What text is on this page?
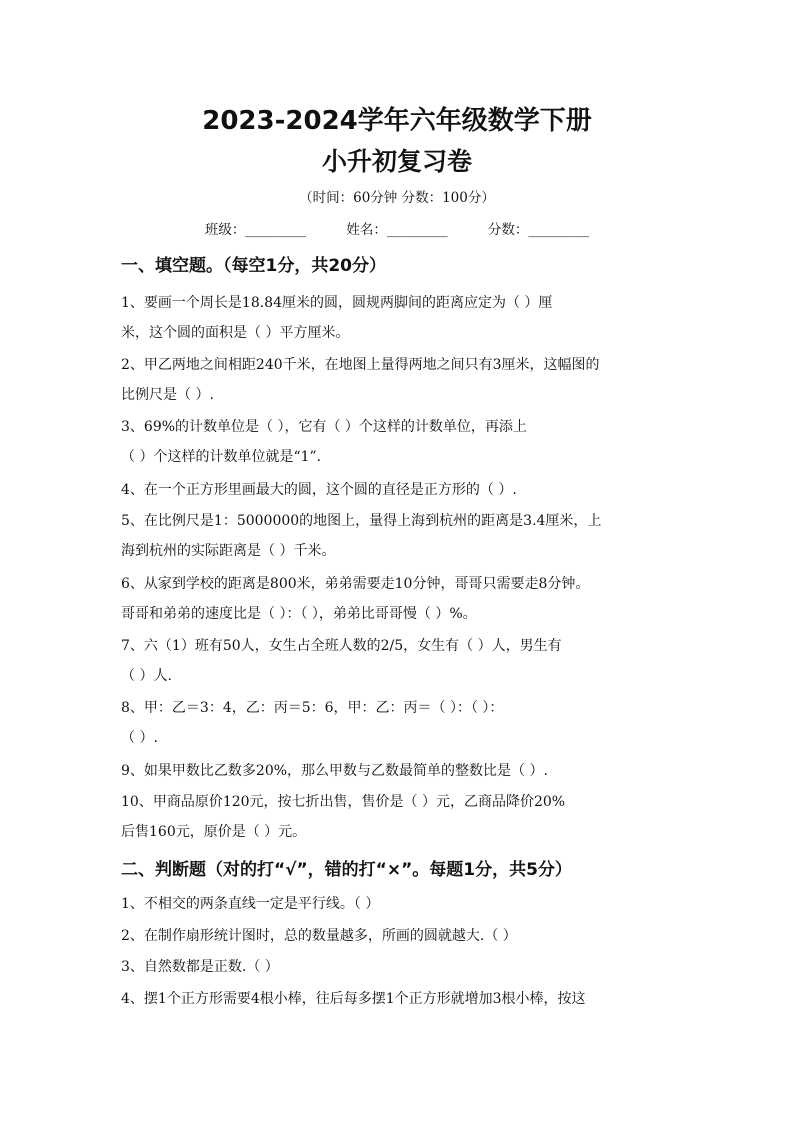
2023-2024学年六年级数学下册
小升初复习卷
（时间：60分钟 分数：100分）
班级：_________	姓名：_________	分数：_________
一、填空题。（每空1分，共20分）
1、要画一个周长是18.84厘米的圆，圆规两脚间的距离应定为（ ）厘
米，这个圆的面积是（ ）平方厘米。
2、甲乙两地之间相距240千米，在地图上量得两地之间只有3厘米，这幅图的
比例尺是（ ）.
3、69%的计数单位是（ ），它有（ ）个这样的计数单位，再添上
（ ）个这样的计数单位就是“1”.
4、在一个正方形里画最大的圆，这个圆的直径是正方形的（ ）.
5、在比例尺是1：5000000的地图上，量得上海到杭州的距离是3.4厘米，上
海到杭州的实际距离是（ ）千米。
6、从家到学校的距离是800米，弟弟需要走10分钟，哥哥只需要走8分钟。
哥哥和弟弟的速度比是（ ）：（ ），弟弟比哥哥慢（ ）%。
7、六（1）班有50人，女生占全班人数的2/5，女生有（ ）人，男生有
（ ）人.
8、甲：乙＝3：4，乙：丙＝5：6，甲：乙：丙＝（ ）：（ ）：
（ ）.
9、如果甲数比乙数多20%，那么甲数与乙数最简单的整数比是（ ）.
10、甲商品原价120元，按七折出售，售价是（ ）元，乙商品降价20%
后售160元，原价是（ ）元。
二、判断题（对的打“√”，错的打“×”。每题1分，共5分）
1、不相交的两条直线一定是平行线。（ ）
2、在制作扇形统计图时，总的数量越多，所画的圆就越大.（ ）
3、自然数都是正数.（ ）
4、摆1个正方形需要4根小棒，往后每多摆1个正方形就增加3根小棒，按这
